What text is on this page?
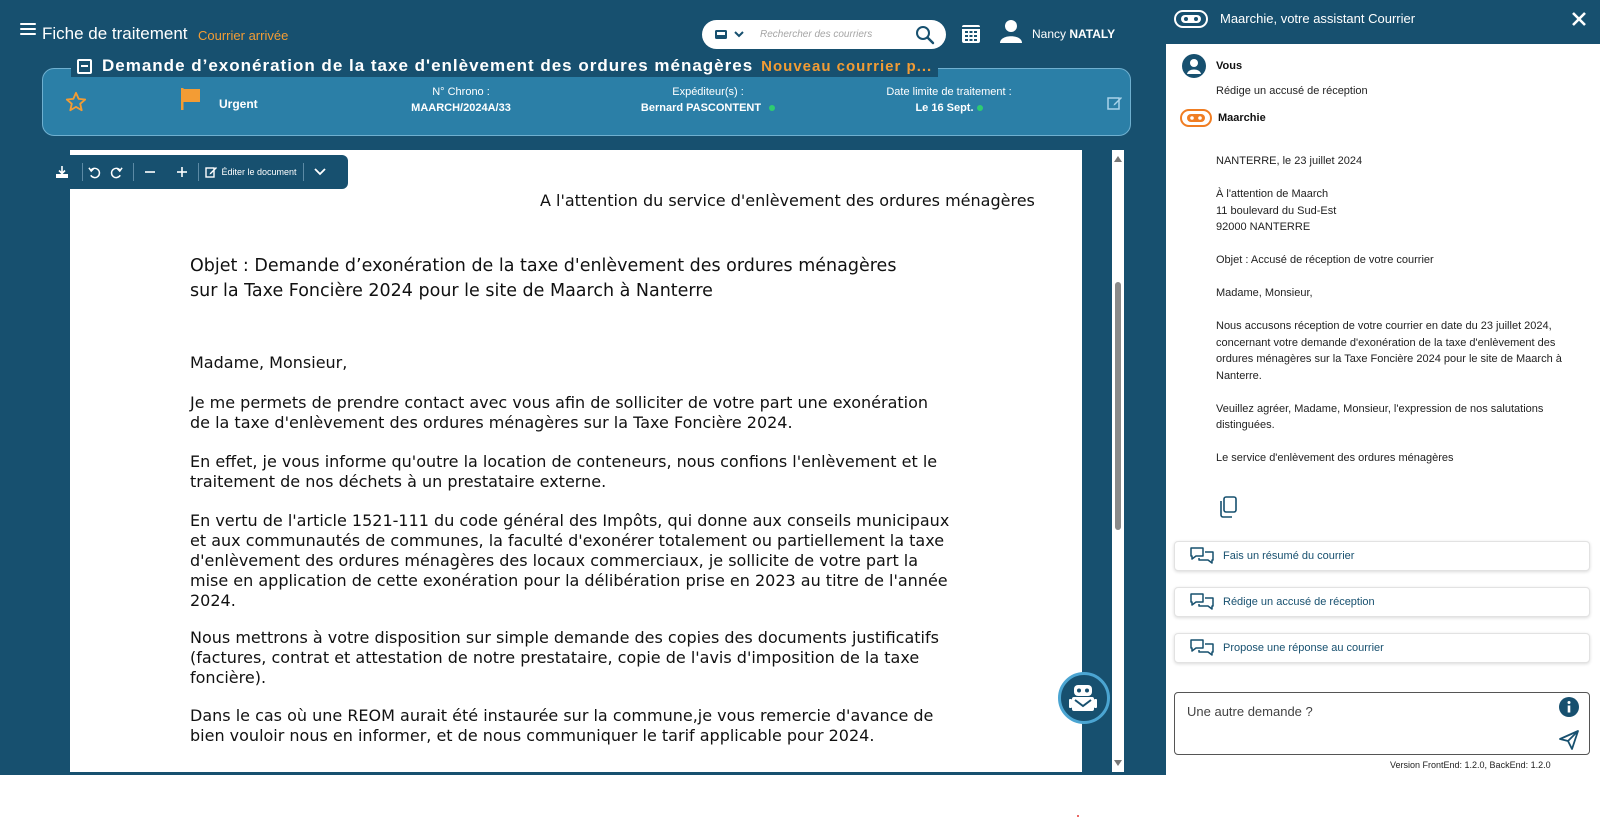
Fiche de traitement Courrier arrivée
Rechercher des courriers	Nancy NATALY
Demande d’exonération de la taxe d'enlèvement des ordures ménagères Nouveau courrier p...
Urgent
N° Chrono :
MAARCH/2024A/33
Expéditeur(s) :
Bernard PASCONTENT
Date limite de traitement :
Le 16 Sept.
A l'attention du service d'enlèvement des ordures ménagères
Objet : Demande d’exonération de la taxe d'enlèvement des ordures ménagères
sur la Taxe Foncière 2024 pour le site de Maarch à Nanterre
Madame, Monsieur,
Je me permets de prendre contact avec vous afin de solliciter de votre part une exonération de la taxe d'enlèvement des ordures ménagères sur la Taxe Foncière 2024.
En effet, je vous informe qu'outre la location de conteneurs, nous confions l'enlèvement et le traitement de nos déchets à un prestataire externe.
En vertu de l'article 1521-111 du code général des Impôts, qui donne aux conseils municipaux et aux communautés de communes, la faculté d'exonérer totalement ou partiellement la taxe d'enlèvement des ordures ménagères des locaux commerciaux, je sollicite de votre part la mise en application de cette exonération pour la délibération prise en 2023 au titre de l'année 2024.
Nous mettrons à votre disposition sur simple demande des copies des documents justificatifs (factures, contrat et attestation de notre prestataire, copie de l'avis d'imposition de la taxe foncière).
Dans le cas où une REOM aurait été instaurée sur la commune,je vous remercie d'avance de bien vouloir nous en informer, et de nous communiquer le tarif applicable pour 2024.
Éditer le document
Maarchie, votre assistant Courrier
Vous
Rédige un accusé de réception
Maarchie

NANTERRE, le 23 juillet 2024

À l'attention de Maarch
11 boulevard du Sud-Est
92000 NANTERRE

Objet : Accusé de réception de votre courrier

Madame, Monsieur,

Nous accusons réception de votre courrier en date du 23 juillet 2024, concernant votre demande d'exonération de la taxe d'enlèvement des ordures ménagères sur la Taxe Foncière 2024 pour le site de Maarch à Nanterre.

Veuillez agréer, Madame, Monsieur, l'expression de nos salutations distinguées.

Le service d'enlèvement des ordures ménagères

Fais un résumé du courrier
Rédige un accusé de réception
Propose une réponse au courrier
Une autre demande ?
Version FrontEnd: 1.2.0, BackEnd: 1.2.0
